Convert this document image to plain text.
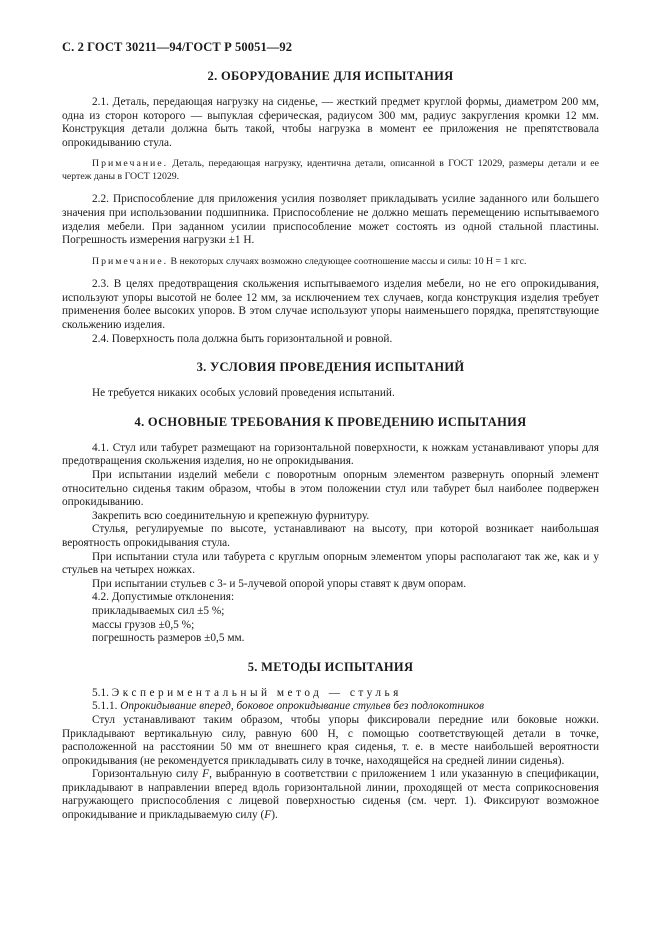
С. 2 ГОСТ 30211—94/ГОСТ Р 50051—92
2. ОБОРУДОВАНИЕ ДЛЯ ИСПЫТАНИЯ

2.1. Деталь, передающая нагрузку на сиденье, — жесткий предмет круглой формы, диаметром 200 мм, одна из сторон которого — выпуклая сферическая, радиусом 300 мм, радиус закругления кромки 12 мм. Конструкция детали должна быть такой, чтобы нагрузка в момент ее приложения не препятствовала опрокидыванию стула.

Примечание. Деталь, передающая нагрузку, идентична детали, описанной в ГОСТ 12029, размеры детали и ее чертеж даны в ГОСТ 12029.

2.2. Приспособление для приложения усилия позволяет прикладывать усилие заданного или большего значения при использовании подшипника. Приспособление не должно мешать перемещению испытываемого изделия мебели. При заданном усилии приспособление может состоять из одной стальной пластины. Погрешность измерения нагрузки ±1 Н.

Примечание. В некоторых случаях возможно следующее соотношение массы и силы: 10 Н = 1 кгс.

2.3. В целях предотвращения скольжения испытываемого изделия мебели, но не его опрокидывания, используют упоры высотой не более 12 мм, за исключением тех случаев, когда конструкция изделия требует применения более высоких упоров. В этом случае используют упоры наименьшего порядка, препятствующие скольжению изделия.

2.4. Поверхность пола должна быть горизонтальной и ровной.

3. УСЛОВИЯ ПРОВЕДЕНИЯ ИСПЫТАНИЙ

Не требуется никаких особых условий проведения испытаний.

4. ОСНОВНЫЕ ТРЕБОВАНИЯ К ПРОВЕДЕНИЮ ИСПЫТАНИЯ

4.1. Стул или табурет размещают на горизонтальной поверхности, к ножкам устанавливают упоры для предотвращения скольжения изделия, но не опрокидывания.

При испытании изделий мебели с поворотным опорным элементом развернуть опорный элемент относительно сиденья таким образом, чтобы в этом положении стул или табурет был наиболее подвержен опрокидыванию.

Закрепить всю соединительную и крепежную фурнитуру.

Стулья, регулируемые по высоте, устанавливают на высоту, при которой возникает наибольшая вероятность опрокидывания стула.

При испытании стула или табурета с круглым опорным элементом упоры располагают так же, как и у стульев на четырех ножках.

При испытании стульев с 3- и 5-лучевой опорой упоры ставят к двум опорам.

4.2. Допустимые отклонения:

прикладываемых сил ±5 %;

массы грузов ±0,5 %;

погрешность размеров ±0,5 мм.

5. МЕТОДЫ ИСПЫТАНИЯ

5.1. Экспериментальный метод — стулья

5.1.1. Опрокидывание вперед, боковое опрокидывание стульев без подлокотников

Стул устанавливают таким образом, чтобы упоры фиксировали передние или боковые ножки. Прикладывают вертикальную силу, равную 600 Н, с помощью соответствующей детали в точке, расположенной на расстоянии 50 мм от внешнего края сиденья, т. е. в месте наибольшей вероятности опрокидывания (не рекомендуется прикладывать силу в точке, находящейся на средней линии сиденья).

Горизонтальную силу F, выбранную в соответствии с приложением 1 или указанную в спецификации, прикладывают в направлении вперед вдоль горизонтальной линии, проходящей от места соприкосновения нагружающего приспособления с лицевой поверхностью сиденья (см. черт. 1). Фиксируют возможное опрокидывание и прикладываемую силу (F).
